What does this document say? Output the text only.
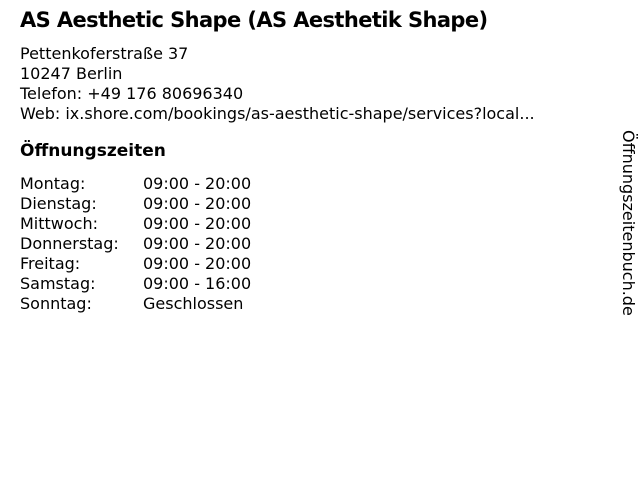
AS Aesthetic Shape (AS Aesthetik Shape)
Pettenkoferstraße 37
10247 Berlin
Telefon: +49 176 80696340
Web: ix.shore.com/bookings/as-aesthetic-shape/services?local...
Öffnungszeiten
Montag:	09:00 - 20:00
Dienstag:	09:00 - 20:00
Mittwoch:	09:00 - 20:00
Donnerstag:	09:00 - 20:00
Freitag:	09:00 - 20:00
Samstag:	09:00 - 16:00
Sonntag:	Geschlossen	Öffnungszeitenbuch.de
